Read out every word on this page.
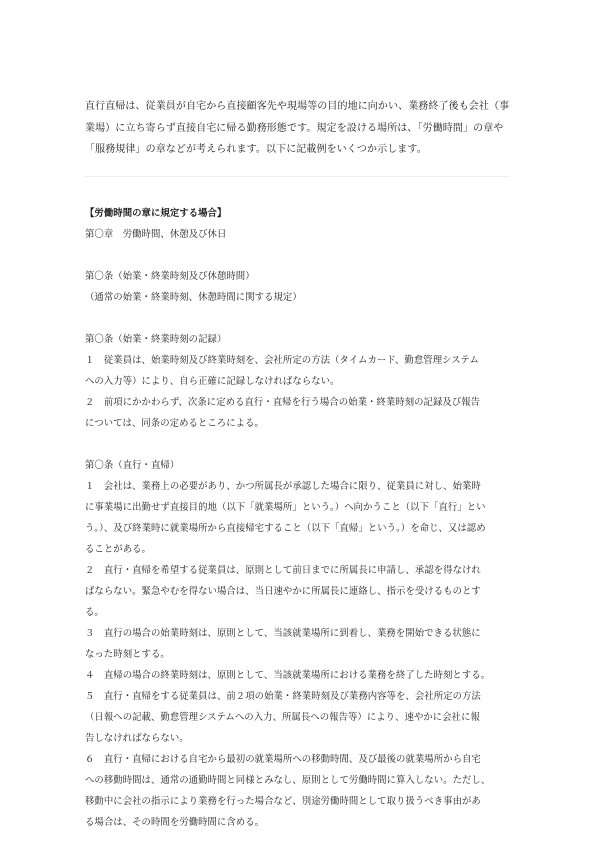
直行直帰は、従業員が自宅から直接顧客先や現場等の目的地に向かい、業務終了後も会社（事
業場）に立ち寄らず直接自宅に帰る勤務形態です。規定を設ける場所は、「労働時間」の章や
「服務規律」の章などが考えられます。以下に記載例をいくつか示します。

【労働時間の章に規定する場合】
第〇章　労働時間、休憩及び休日
第〇条（始業・終業時刻及び休憩時間）
（通常の始業・終業時刻、休憩時間に関する規定）
第〇条（始業・終業時刻の記録）
１　従業員は、始業時刻及び終業時刻を、会社所定の方法（タイムカード、勤怠管理システム
への入力等）により、自ら正確に記録しなければならない。
２　前項にかかわらず、次条に定める直行・直帰を行う場合の始業・終業時刻の記録及び報告
については、同条の定めるところによる。
第〇条（直行・直帰）
１　会社は、業務上の必要があり、かつ所属長が承認した場合に限り、従業員に対し、始業時
に事業場に出勤せず直接目的地（以下「就業場所」という。）へ向かうこと（以下「直行」とい
う。）、及び終業時に就業場所から直接帰宅すること（以下「直帰」という。）を命じ、又は認め
ることがある。
２　直行・直帰を希望する従業員は、原則として前日までに所属長に申請し、承認を得なけれ
ばならない。緊急やむを得ない場合は、当日速やかに所属長に連絡し、指示を受けるものとす
る。
３　直行の場合の始業時刻は、原則として、当該就業場所に到着し、業務を開始できる状態に
なった時刻とする。
４　直帰の場合の終業時刻は、原則として、当該就業場所における業務を終了した時刻とする。
５　直行・直帰をする従業員は、前２項の始業・終業時刻及び業務内容等を、会社所定の方法
（日報への記載、勤怠管理システムへの入力、所属長への報告等）により、速やかに会社に報
告しなければならない。
６　直行・直帰における自宅から最初の就業場所への移動時間、及び最後の就業場所から自宅
への移動時間は、通常の通勤時間と同様とみなし、原則として労働時間に算入しない。ただし、
移動中に会社の指示により業務を行った場合など、別途労働時間として取り扱うべき事由があ
る場合は、その時間を労働時間に含める。
